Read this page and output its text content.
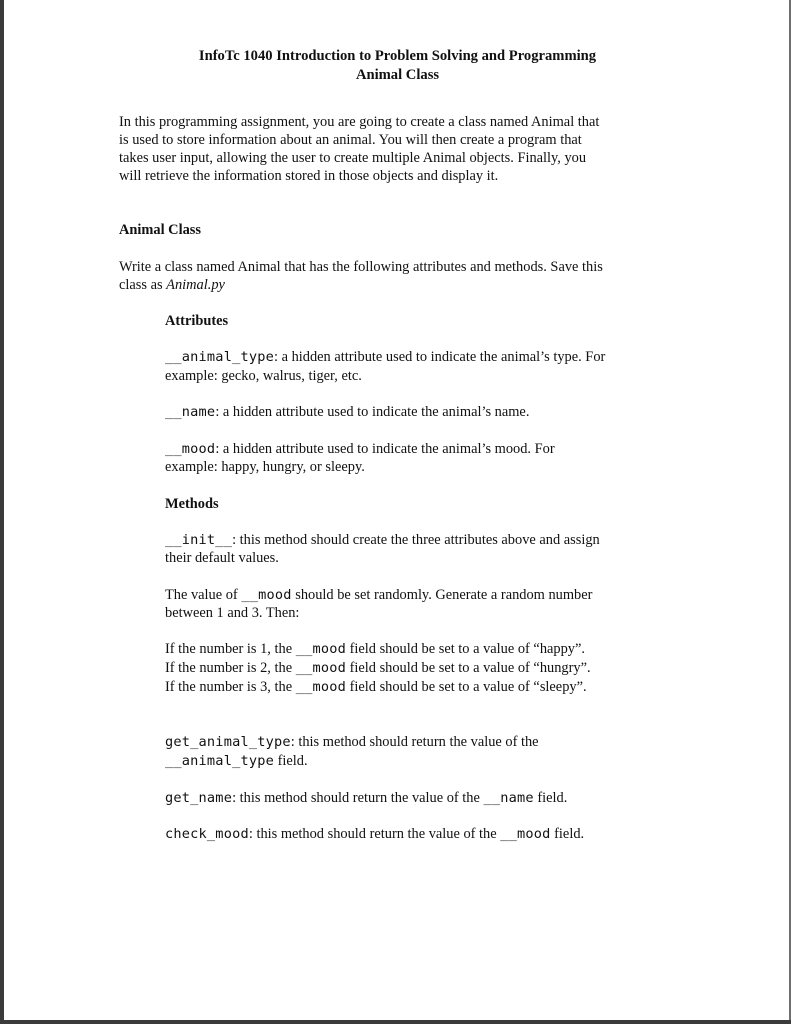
InfoTc 1040 Introduction to Problem Solving and Programming
Animal Class
In this programming assignment, you are going to create a class named Animal that
is used to store information about an animal. You will then create a program that
takes user input, allowing the user to create multiple Animal objects. Finally, you
will retrieve the information stored in those objects and display it.
Animal Class
Write a class named Animal that has the following attributes and methods. Save this
class as Animal.py
Attributes
__animal_type: a hidden attribute used to indicate the animal’s type. For
example: gecko, walrus, tiger, etc.
__name: a hidden attribute used to indicate the animal’s name.
__mood: a hidden attribute used to indicate the animal’s mood. For
example: happy, hungry, or sleepy.
Methods
__init__: this method should create the three attributes above and assign
their default values.
The value of __mood should be set randomly. Generate a random number
between 1 and 3. Then:
If the number is 1, the __mood field should be set to a value of “happy”.
If the number is 2, the __mood field should be set to a value of “hungry”.
If the number is 3, the __mood field should be set to a value of “sleepy”.
get_animal_type: this method should return the value of the
__animal_type field.
get_name: this method should return the value of the __name field.
check_mood: this method should return the value of the __mood field.
